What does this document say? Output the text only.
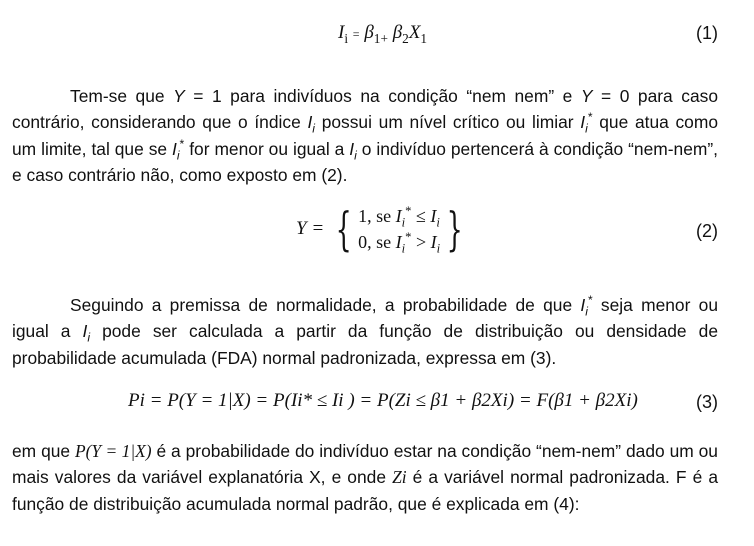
$I_i = \beta_{1+}$ $\beta_2X_1$	(1)

Tem-se que Y = 1 para indivíduos na condição “nem nem” e Y = 0 para caso contrário, considerando que o índice $I_i$ possui um nível crítico ou limiar $I_i^*$ que atua como um limite, tal que se $I_i^*$ for menor ou igual a $I_i$ o indivíduo pertencerá à condição “nem-nem”, e caso contrário não, como exposto em (2).

Y = { 1, se $I_i^* \le I_i$
0, se $I_i^* > I_i$ }	(2)

Seguindo a premissa de normalidade, a probabilidade de que $I_i^*$ seja menor ou igual a $I_i$ pode ser calculada a partir da função de distribuição ou densidade de probabilidade acumulada (FDA) normal padronizada, expressa em (3).

Pi = P(Y = 1|X) = P(Ii* ≤ Ii ) = P(Zi ≤ β1 + β2Xi) = F(β1 + β2Xi)	(3)

em que P(Y = 1|X) é a probabilidade do indivíduo estar na condição “nem-nem” dado um ou mais valores da variável explanatória X, e onde Zi é a variável normal padronizada. F é a função de distribuição acumulada normal padrão, que é explicada em (4):
